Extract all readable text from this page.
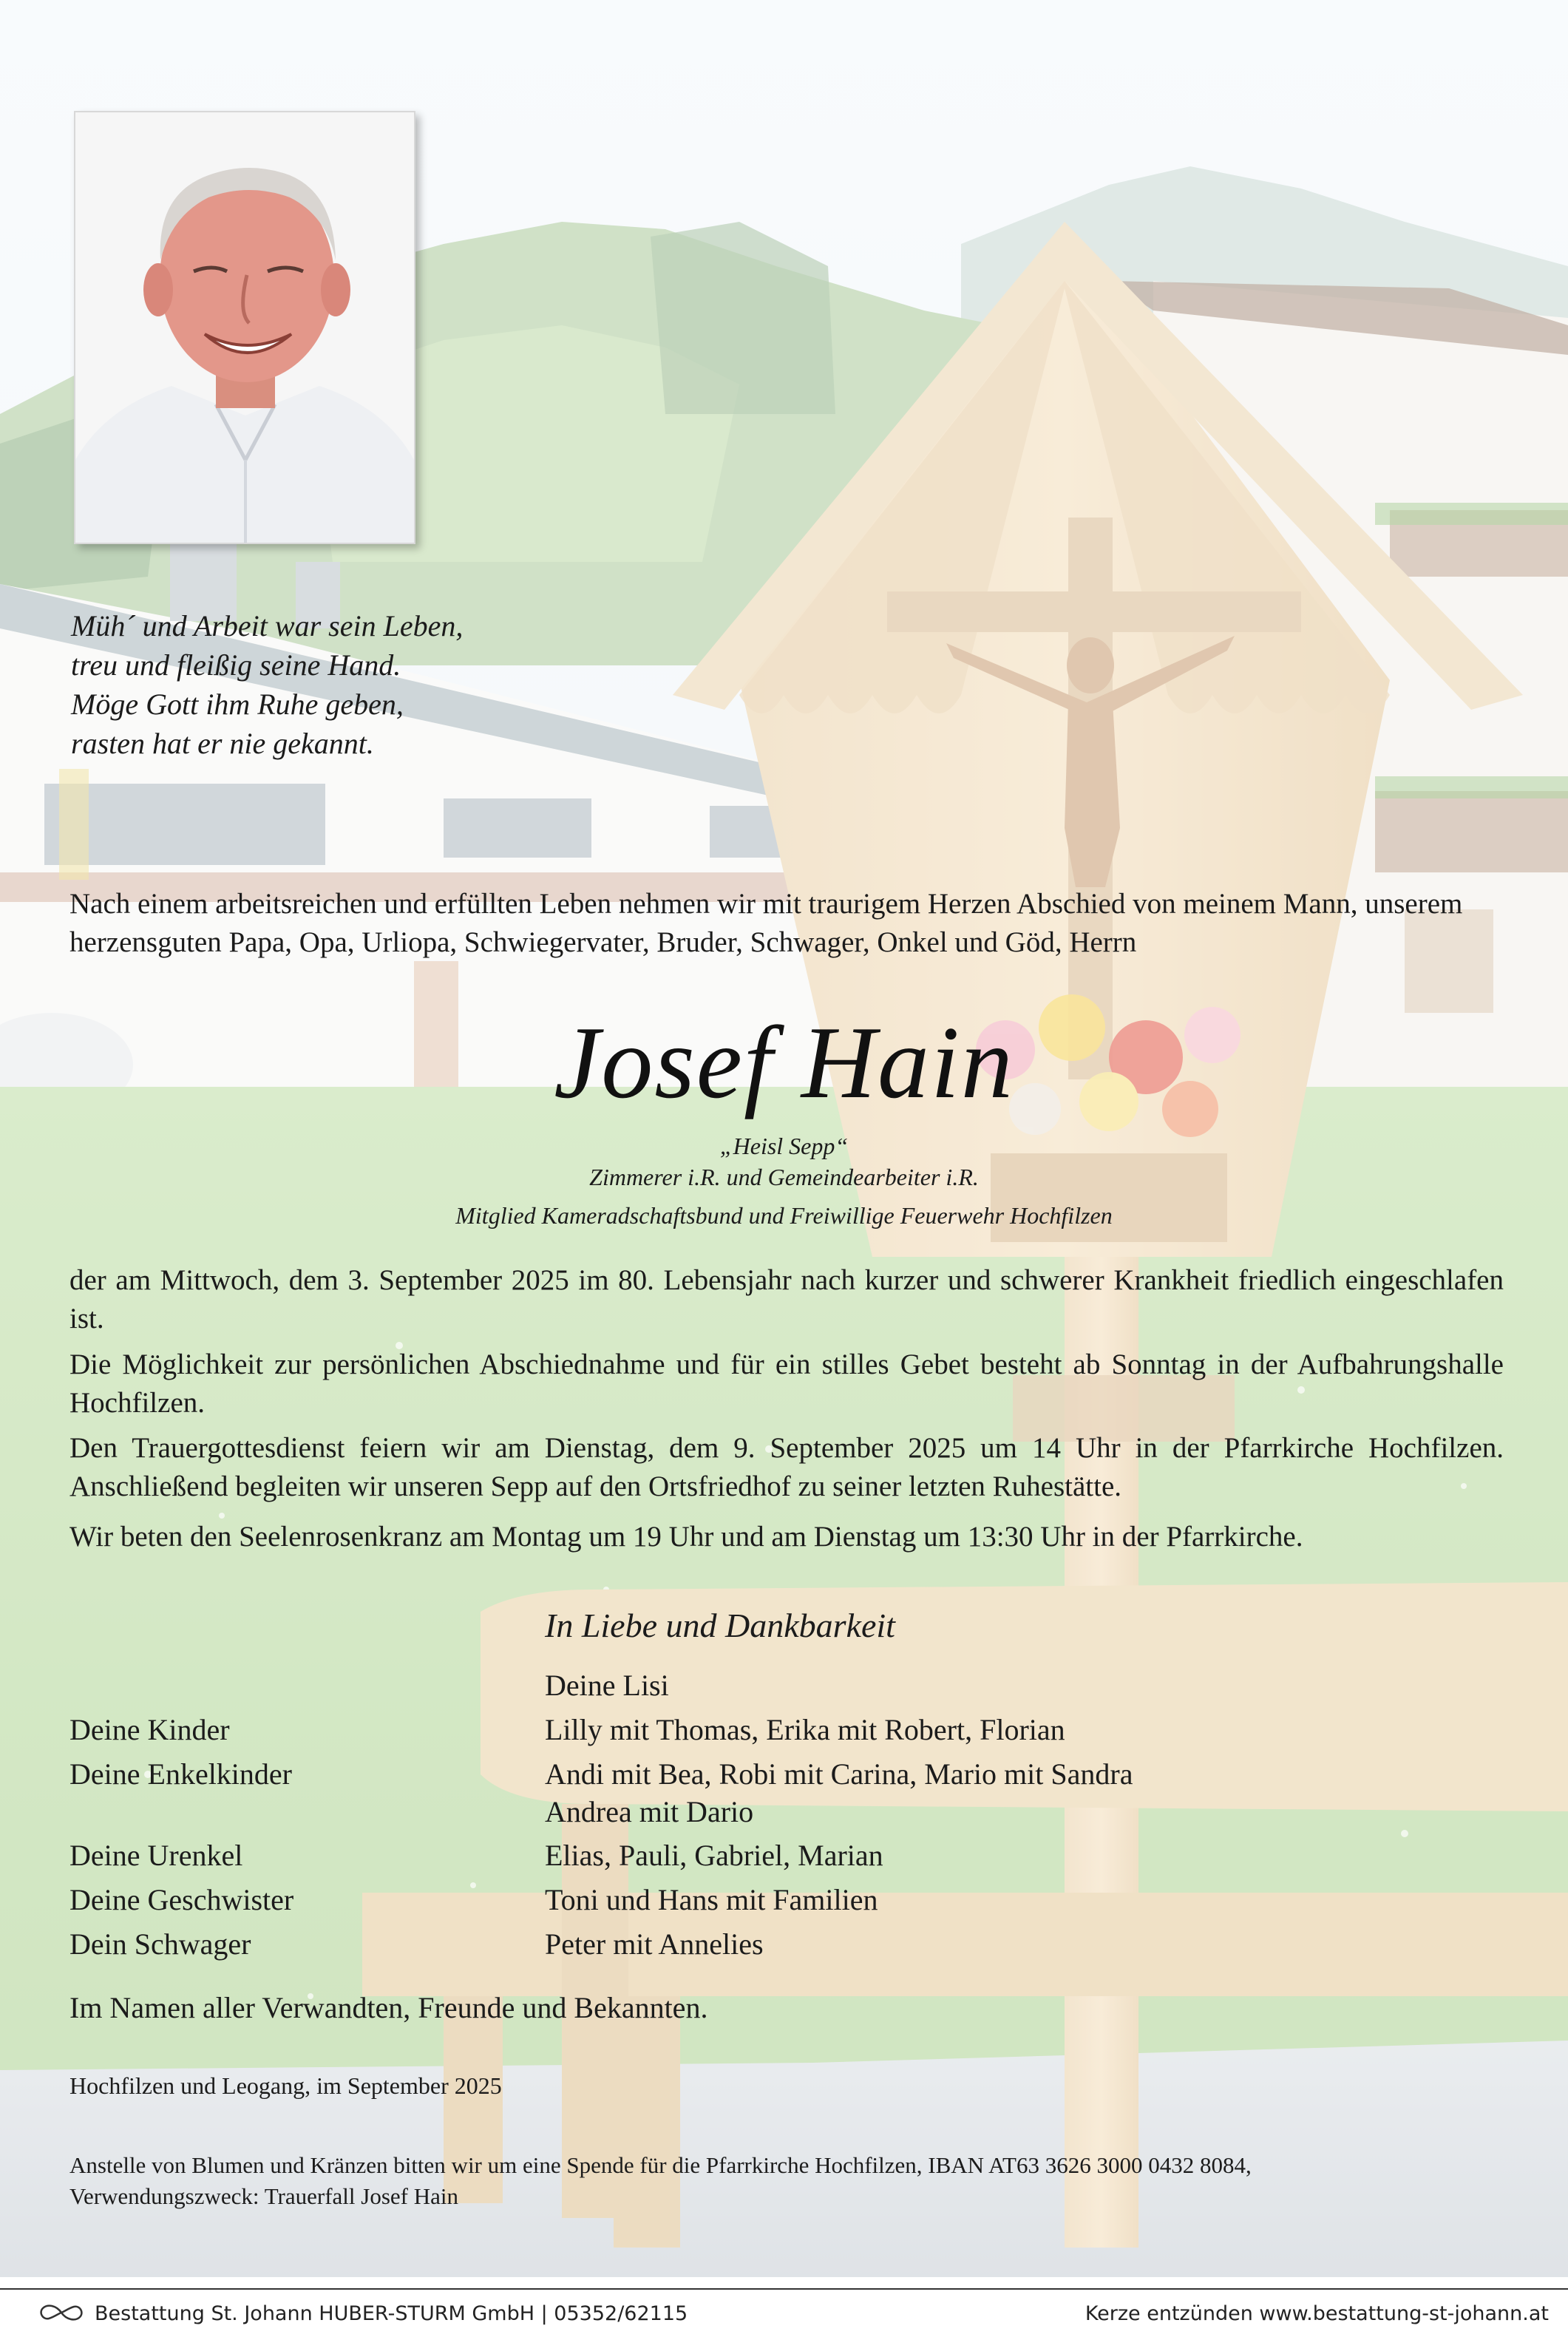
Müh´ und Arbeit war sein Leben,
treu und fleißig seine Hand.
Möge Gott ihm Ruhe geben,
rasten hat er nie gekannt.
Nach einem arbeitsreichen und erfüllten Leben nehmen wir mit traurigem Herzen Abschied von meinem Mann, unserem herzensguten Papa, Opa, Urliopa, Schwiegervater, Bruder, Schwager, Onkel und Göd, Herrn
Josef Hain
„Heisl Sepp“
Zimmerer i.R. und Gemeindearbeiter i.R.
Mitglied Kameradschaftsbund und Freiwillige Feuerwehr Hochfilzen
der am Mittwoch, dem 3. September 2025 im 80. Lebensjahr nach kurzer und schwerer Krankheit friedlich eingeschlafen ist.
Die Möglichkeit zur persönlichen Abschiednahme und für ein stilles Gebet besteht ab Sonntag in der Aufbahrungshalle Hochfilzen.
Den Trauergottesdienst feiern wir am Dienstag, dem 9. September 2025 um 14 Uhr in der Pfarrkirche Hochfilzen. Anschließend begleiten wir unseren Sepp auf den Ortsfriedhof zu seiner letzten Ruhestätte.
Wir beten den Seelenrosenkranz am Montag um 19 Uhr und am Dienstag um 13:30 Uhr in der Pfarrkirche.
In Liebe und Dankbarkeit
Deine Lisi
Deine Kinder	Lilly mit Thomas, Erika mit Robert, Florian
Deine Enkelkinder	Andi mit Bea, Robi mit Carina, Mario mit Sandra
Andrea mit Dario
Deine Urenkel	Elias, Pauli, Gabriel, Marian
Deine Geschwister	Toni und Hans mit Familien
Dein Schwager	Peter mit Annelies
Im Namen aller Verwandten, Freunde und Bekannten.
Hochfilzen und Leogang, im September 2025
Anstelle von Blumen und Kränzen bitten wir um eine Spende für die Pfarrkirche Hochfilzen, IBAN AT63 3626 3000 0432 8084,
Verwendungszweck: Trauerfall Josef Hain
Bestattung St. Johann HUBER-STURM GmbH | 05352/62115	Kerze entzünden www.bestattung-st-johann.at
